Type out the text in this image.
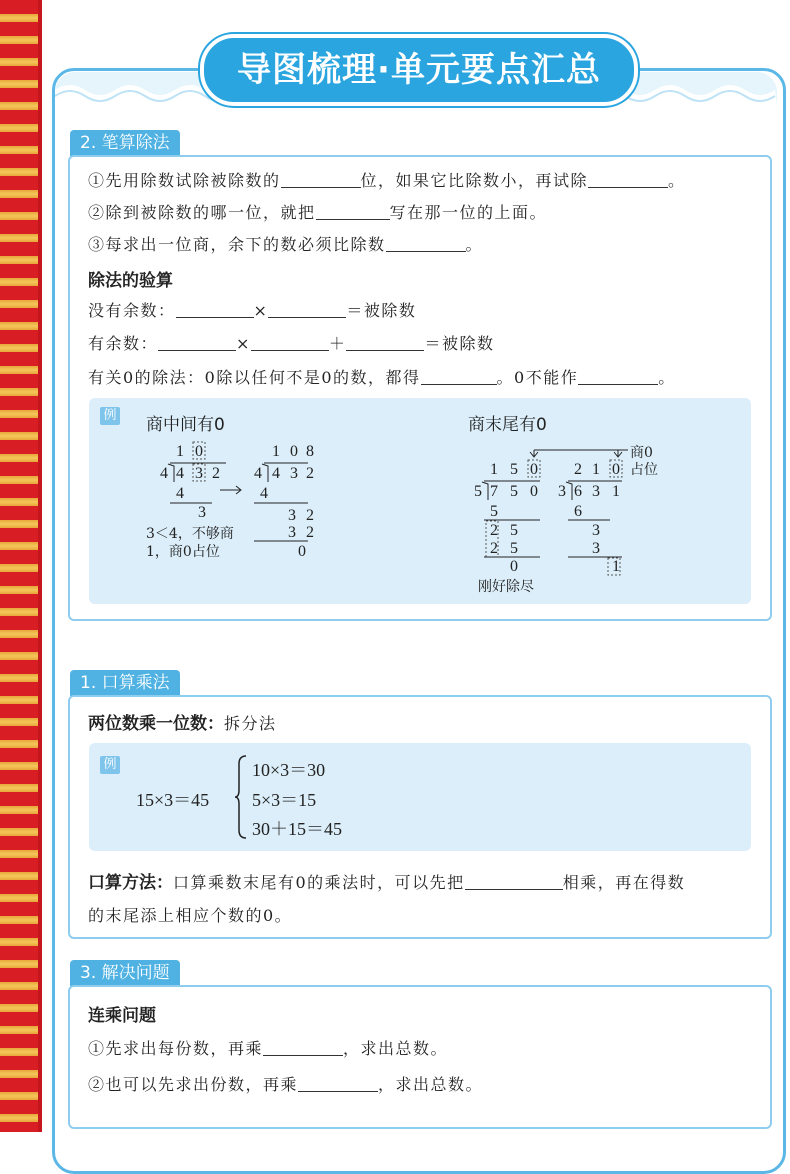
导图梳理·单元要点汇总
2. 笔算除法
①先用除数试除被除数的	位，如果它比除数小，再试除	。
②除到被除数的哪一位，就把	写在那一位的上面。
③每求出一位商，余下的数必须比除数	。
除法的验算
没有余数：	×	＝被除数
有余数：	×	＋	＝被除数
有关0的除法：0除以任何不是0的数，都得	。0不能作	。
例 商中间有0	商末尾有0
1 0
4 4 3 2
4
3
1 0 8
4 4 3 2
4
3 2
3 2
0
3＜4，不够商
1，商0占位
1 5 0 2 1 0
5 7 5 0 3 6 3 1
5	6
2 5	3
2 5	3
0	1
商0
占位
刚好除尽
1. 口算乘法
两位数乘一位数：拆分法
例
15×3＝45
10×3＝30
5×3＝15
30＋15＝45
口算方法：口算乘数末尾有0的乘法时，可以先把	相乘，再在得数
的末尾添上相应个数的0。
3. 解决问题
连乘问题
①先求出每份数，再乘	，求出总数。
②也可以先求出份数，再乘	，求出总数。
